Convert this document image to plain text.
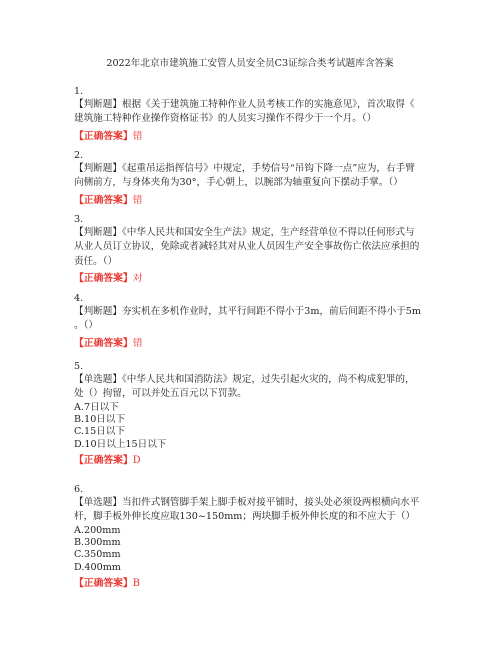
2022年北京市建筑施工安管人员安全员C3证综合类考试题库含答案
1.
【判断题】根据《关于建筑施工特种作业人员考核工作的实施意见》，首次取得《
建筑施工特种作业操作资格证书》的人员实习操作不得少于一个月。（）
【正确答案】错
2.
【判断题】《起重吊运指挥信号》中规定，手势信号“吊钩下降一点”应为，右手臂
向侧前方，与身体夹角为30°，手心朝上，以腕部为轴重复向下摆动手掌。（）
【正确答案】错
3.
【判断题】《中华人民共和国安全生产法》规定，生产经营单位不得以任何形式与
从业人员订立协议，免除或者减轻其对从业人员因生产安全事故伤亡依法应承担的
责任。（）
【正确答案】对
4.
【判断题】夯实机在多机作业时，其平行间距不得小于3m，前后间距不得小于5m
。（）
【正确答案】错
5.
【单选题】《中华人民共和国消防法》规定，过失引起火灾的，尚不构成犯罪的，
处（）拘留，可以并处五百元以下罚款。
A.7日以下
B.10日以下
C.15日以下
D.10日以上15日以下
【正确答案】D
6.
【单选题】当扣件式钢管脚手架上脚手板对接平铺时，接头处必须设两根横向水平
杆，脚手板外伸长度应取130~150mm；两块脚手板外伸长度的和不应大于（）
A.200mm
B.300mm
C.350mm
D.400mm
【正确答案】B
